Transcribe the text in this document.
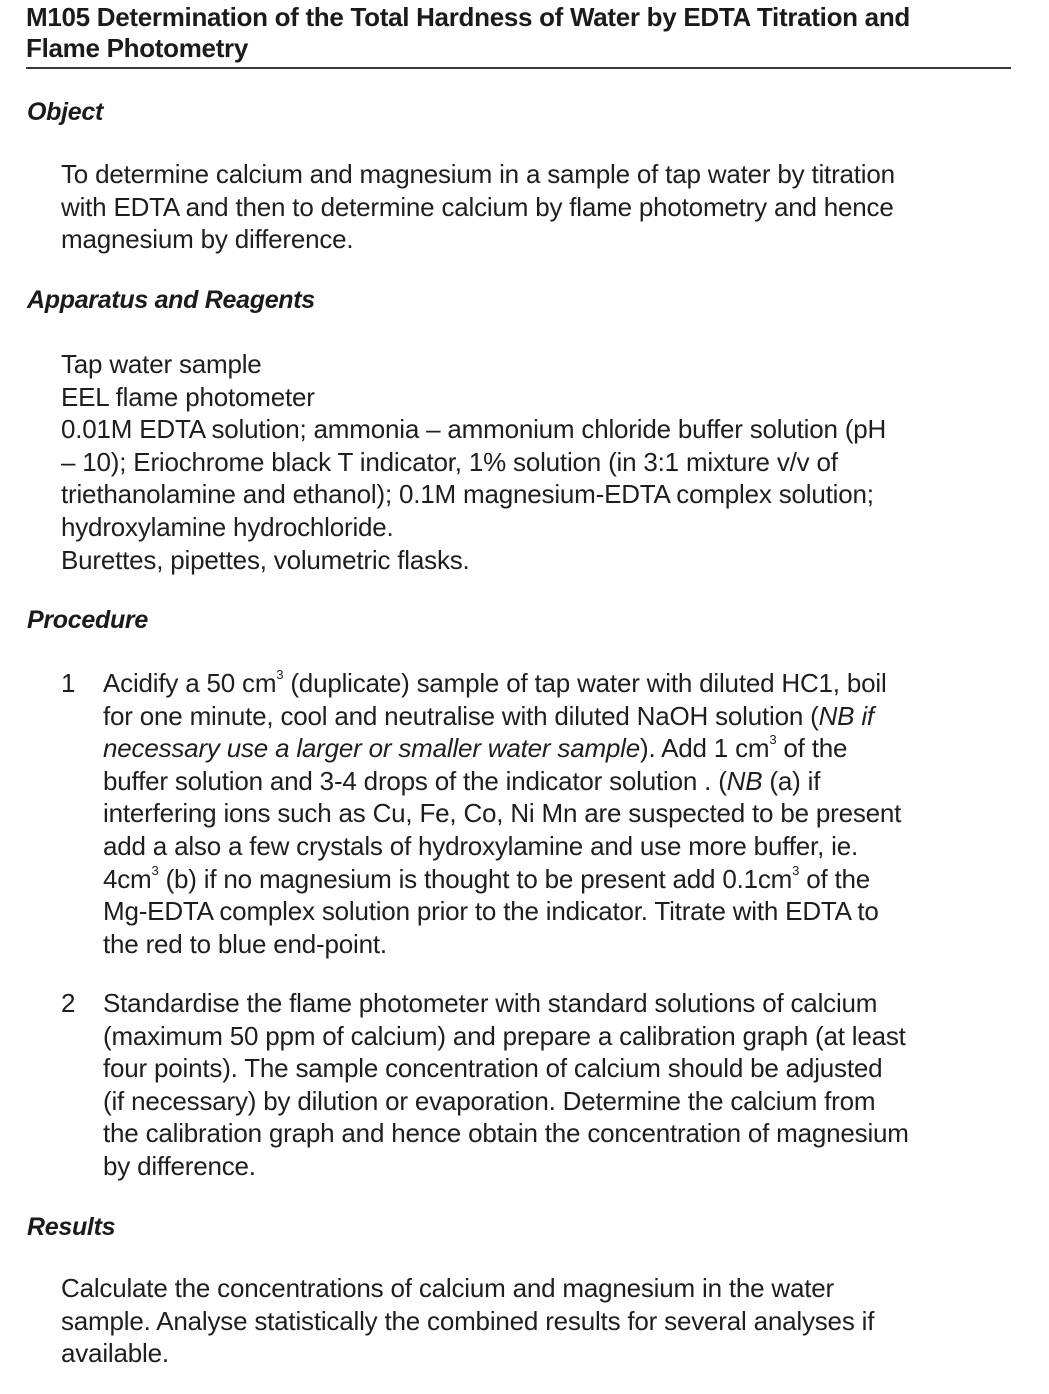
M105 Determination of the Total Hardness of Water by EDTA Titration and
Flame Photometry
Object
To determine calcium and magnesium in a sample of tap water by titration
with EDTA and then to determine calcium by flame photometry and hence
magnesium by difference.
Apparatus and Reagents
Tap water sample
EEL flame photometer
0.01M EDTA solution; ammonia – ammonium chloride buffer solution (pH
– 10); Eriochrome black T indicator, 1% solution (in 3:1 mixture v/v of
triethanolamine and ethanol); 0.1M magnesium-EDTA complex solution;
hydroxylamine hydrochloride.
Burettes, pipettes, volumetric flasks.
Procedure
1 Acidify a 50 $cm^3$ (duplicate) sample of tap water with diluted HC1, boil
for one minute, cool and neutralise with diluted NaOH solution (NB if
necessary use a larger or smaller water sample). Add 1 $cm^3$ of the
buffer solution and 3-4 drops of the indicator solution . (NB (a) if
interfering ions such as Cu, Fe, Co, Ni Mn are suspected to be present
add a also a few crystals of hydroxylamine and use more buffer, ie.
$4cm^3$ (b) if no magnesium is thought to be present add $0.1cm^3$ of the
Mg-EDTA complex solution prior to the indicator. Titrate with EDTA to
the red to blue end-point.
2 Standardise the flame photometer with standard solutions of calcium
(maximum 50 ppm of calcium) and prepare a calibration graph (at least
four points). The sample concentration of calcium should be adjusted
(if necessary) by dilution or evaporation. Determine the calcium from
the calibration graph and hence obtain the concentration of magnesium
by difference.
Results
Calculate the concentrations of calcium and magnesium in the water
sample. Analyse statistically the combined results for several analyses if
available.
